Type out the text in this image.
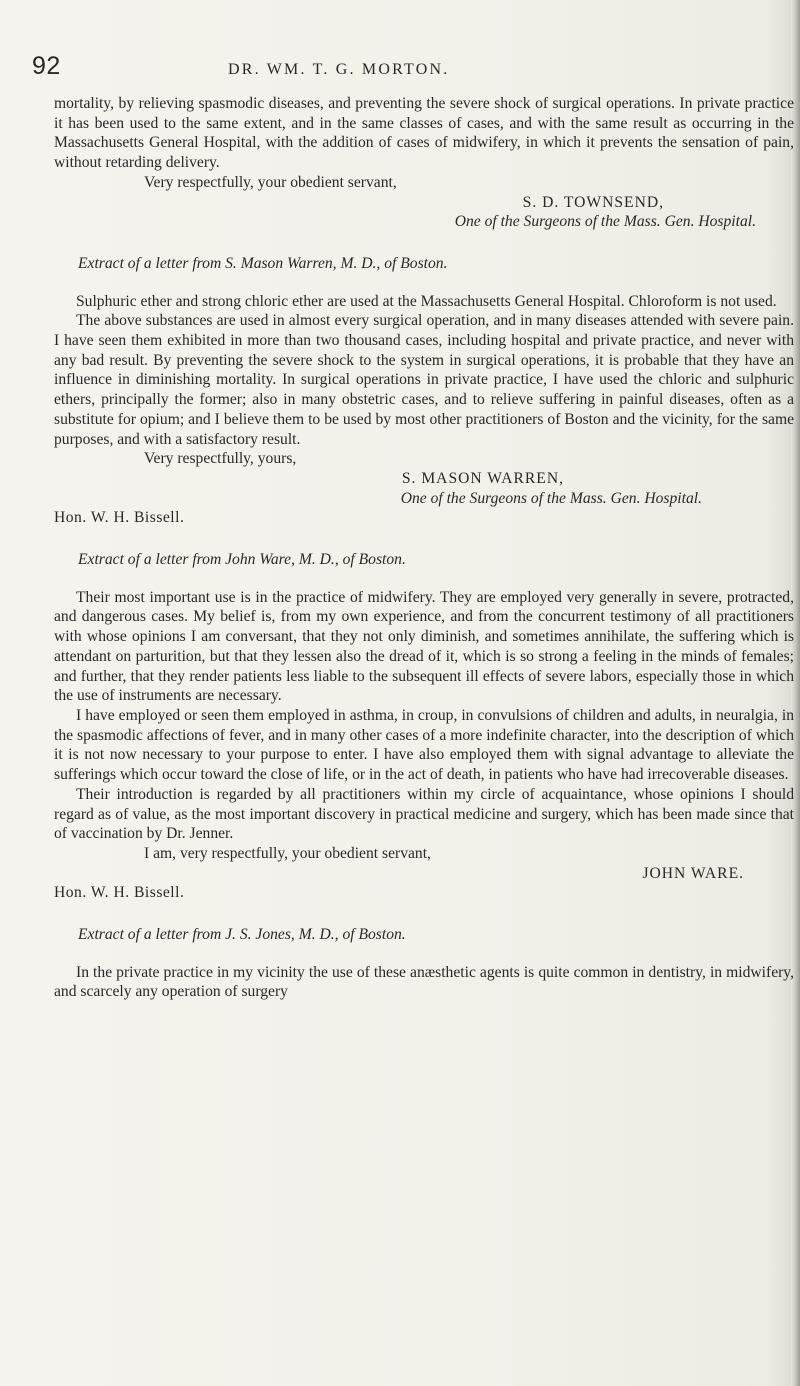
92	DR. WM. T. G. MORTON.

mortality, by relieving spasmodic diseases, and preventing the severe shock of surgical operations. In private practice it has been used to the same extent, and in the same classes of cases, and with the same result as occurring in the Massachusetts General Hospital, with the addition of cases of midwifery, in which it prevents the sensation of pain, without retarding delivery.

Very respectfully, your obedient servant,

S. D. TOWNSEND,

One of the Surgeons of the Mass. Gen. Hospital.

Extract of a letter from S. Mason Warren, M. D., of Boston.

Sulphuric ether and strong chloric ether are used at the Massachusetts General Hospital. Chloroform is not used.

The above substances are used in almost every surgical operation, and in many diseases attended with severe pain. I have seen them exhibited in more than two thousand cases, including hospital and private practice, and never with any bad result. By preventing the severe shock to the system in surgical operations, it is probable that they have an influence in diminishing mortality. In surgical operations in private practice, I have used the chloric and sulphuric ethers, principally the former; also in many obstetric cases, and to relieve suffering in painful diseases, often as a substitute for opium; and I believe them to be used by most other practitioners of Boston and the vicinity, for the same purposes, and with a satisfactory result.

Very respectfully, yours,

S. MASON WARREN,

One of the Surgeons of the Mass. Gen. Hospital.

Hon. W. H. Bissell.

Extract of a letter from John Ware, M. D., of Boston.

Their most important use is in the practice of midwifery. They are employed very generally in severe, protracted, and dangerous cases. My belief is, from my own experience, and from the concurrent testimony of all practitioners with whose opinions I am conversant, that they not only diminish, and sometimes annihilate, the suffering which is attendant on parturition, but that they lessen also the dread of it, which is so strong a feeling in the minds of females; and further, that they render patients less liable to the subsequent ill effects of severe labors, especially those in which the use of instruments are necessary.

I have employed or seen them employed in asthma, in croup, in convulsions of children and adults, in neuralgia, in the spasmodic affections of fever, and in many other cases of a more indefinite character, into the description of which it is not now necessary to your purpose to enter. I have also employed them with signal advantage to alleviate the sufferings which occur toward the close of life, or in the act of death, in patients who have had irrecoverable diseases.

Their introduction is regarded by all practitioners within my circle of acquaintance, whose opinions I should regard as of value, as the most important discovery in practical medicine and surgery, which has been made since that of vaccination by Dr. Jenner.

I am, very respectfully, your obedient servant,

JOHN WARE.

Hon. W. H. Bissell.

Extract of a letter from J. S. Jones, M. D., of Boston.

In the private practice in my vicinity the use of these anæsthetic agents is quite common in dentistry, in midwifery, and scarcely any operation of surgery
